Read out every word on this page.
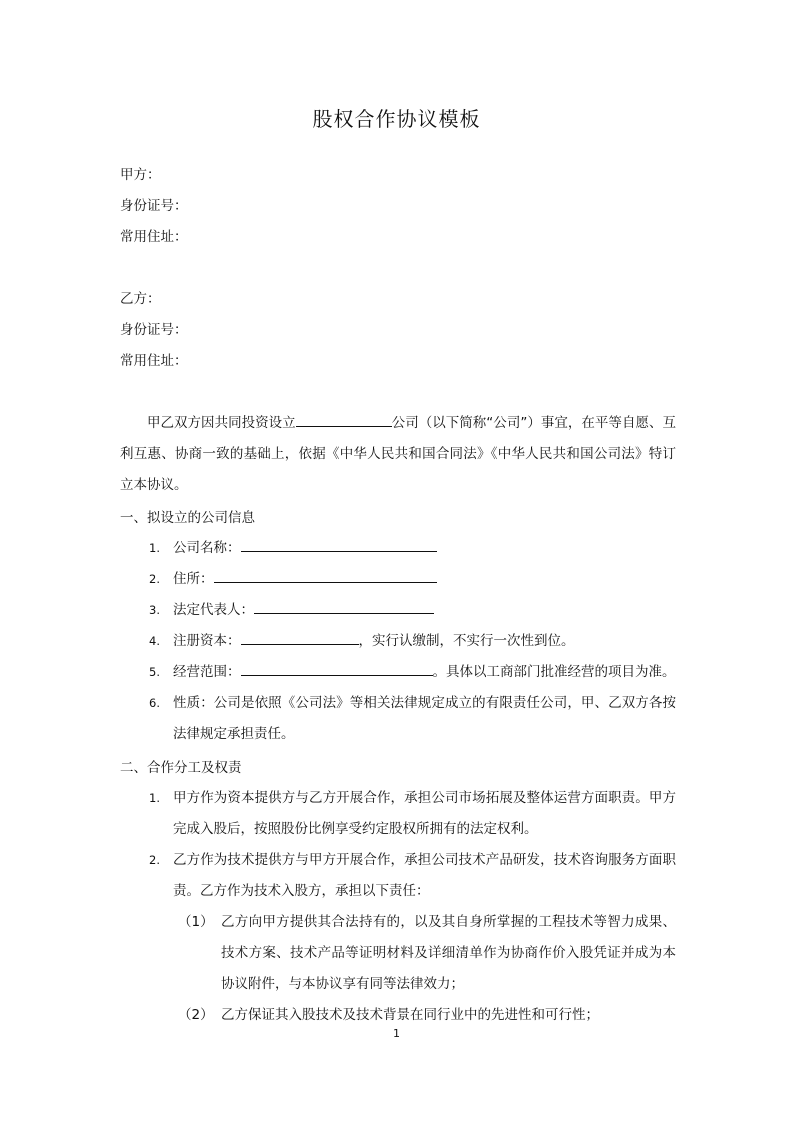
股权合作协议模板
甲方：
身份证号：
常用住址：
乙方：
身份证号：
常用住址：
甲乙双方因共同投资设立	公司（以下简称“公司”）事宜，在平等自愿、互利互惠、协商一致的基础上，依据《中华人民共和国合同法》《中华人民共和国公司法》特订立本协议。
一、拟设立的公司信息
1. 公司名称：
2. 住所：
3. 法定代表人：
4. 注册资本：	，实行认缴制，不实行一次性到位。
5. 经营范围：	。具体以工商部门批准经营的项目为准。
6. 性质：公司是依照《公司法》等相关法律规定成立的有限责任公司，甲、乙双方各按法律规定承担责任。
二、合作分工及权责
1. 甲方作为资本提供方与乙方开展合作，承担公司市场拓展及整体运营方面职责。甲方完成入股后，按照股份比例享受约定股权所拥有的法定权利。
2. 乙方作为技术提供方与甲方开展合作，承担公司技术产品研发，技术咨询服务方面职责。乙方作为技术入股方，承担以下责任：
（1） 乙方向甲方提供其合法持有的，以及其自身所掌握的工程技术等智力成果、技术方案、技术产品等证明材料及详细清单作为协商作价入股凭证并成为本协议附件，与本协议享有同等法律效力；
（2） 乙方保证其入股技术及技术背景在同行业中的先进性和可行性；
1
